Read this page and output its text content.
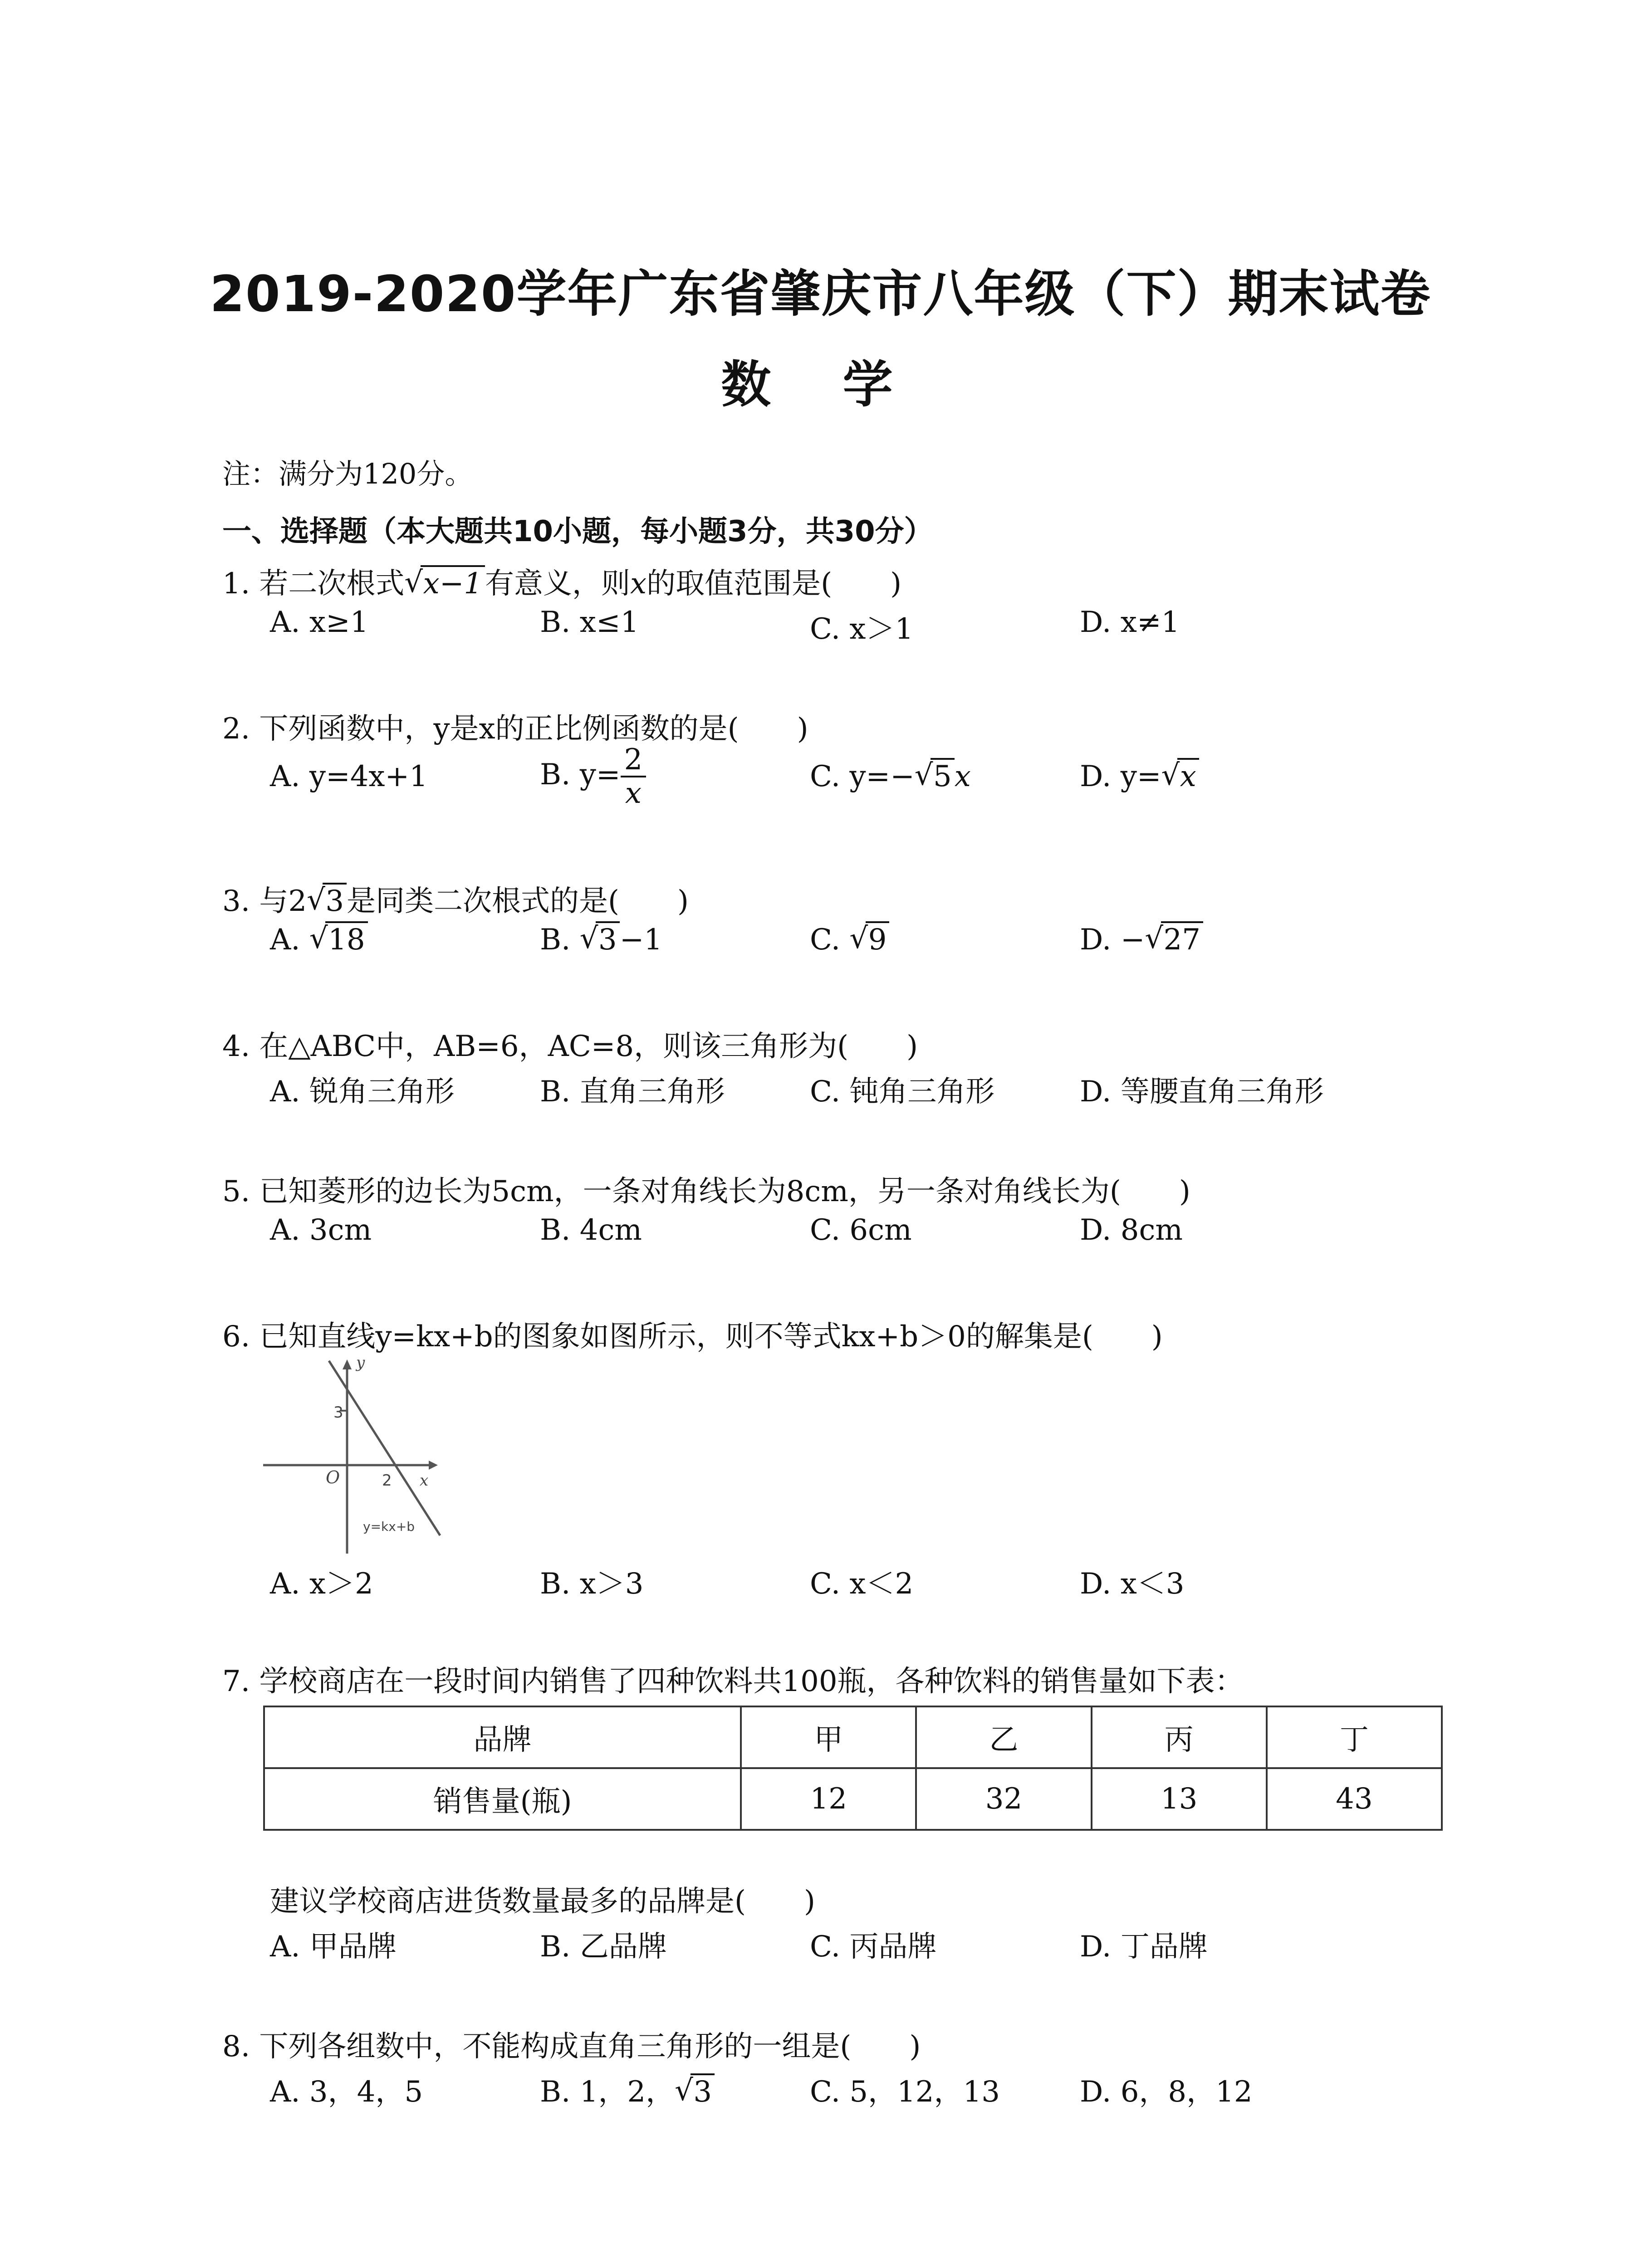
2019-2020学年广东省肇庆市八年级（下）期末试卷
数 学
注：满分为120分。
一、选择题（本大题共10小题，每小题3分，共30分）
1. 若二次根式 √ x−1有意义，则x的取值范围是(　　)
A. x≥1	B. x≤1	C. x＞1	D. x≠1
2. 下列函数中，y是x的正比例函数的是(　　)
A. y=4x+1	B. $y= \frac{2}{x}$	C. y=− √ 5x	D. y= √ x
3. 与2 √ 3是同类二次根式的是(　　)
A. √ 18	B. √ 3−1	C. √ 9	D. − √ 27
4. 在△ABC中，AB=6，AC=8，则该三角形为(　　)
A. 锐角三角形	B. 直角三角形	C. 钝角三角形	D. 等腰直角三角形
5. 已知菱形的边长为5cm，一条对角线长为8cm，另一条对角线长为(　　)
A. 3cm	B. 4cm	C. 6cm	D. 8cm
6. 已知直线y=kx+b的图象如图所示，则不等式kx+b＞0的解集是(　　)
y
x
O
3
2
y=kx+b
A. x＞2	B. x＞3	C. x＜2	D. x＜3
7. 学校商店在一段时间内销售了四种饮料共100瓶，各种饮料的销售量如下表：
品牌	甲	乙	丙	丁
销售量(瓶)	12	32	13	43
建议学校商店进货数量最多的品牌是(　　)
A. 甲品牌	B. 乙品牌	C. 丙品牌	D. 丁品牌
8. 下列各组数中，不能构成直角三角形的一组是(　　)
A. 3，4，5	B. 1，2， √ 3	C. 5，12，13	D. 6，8，12
